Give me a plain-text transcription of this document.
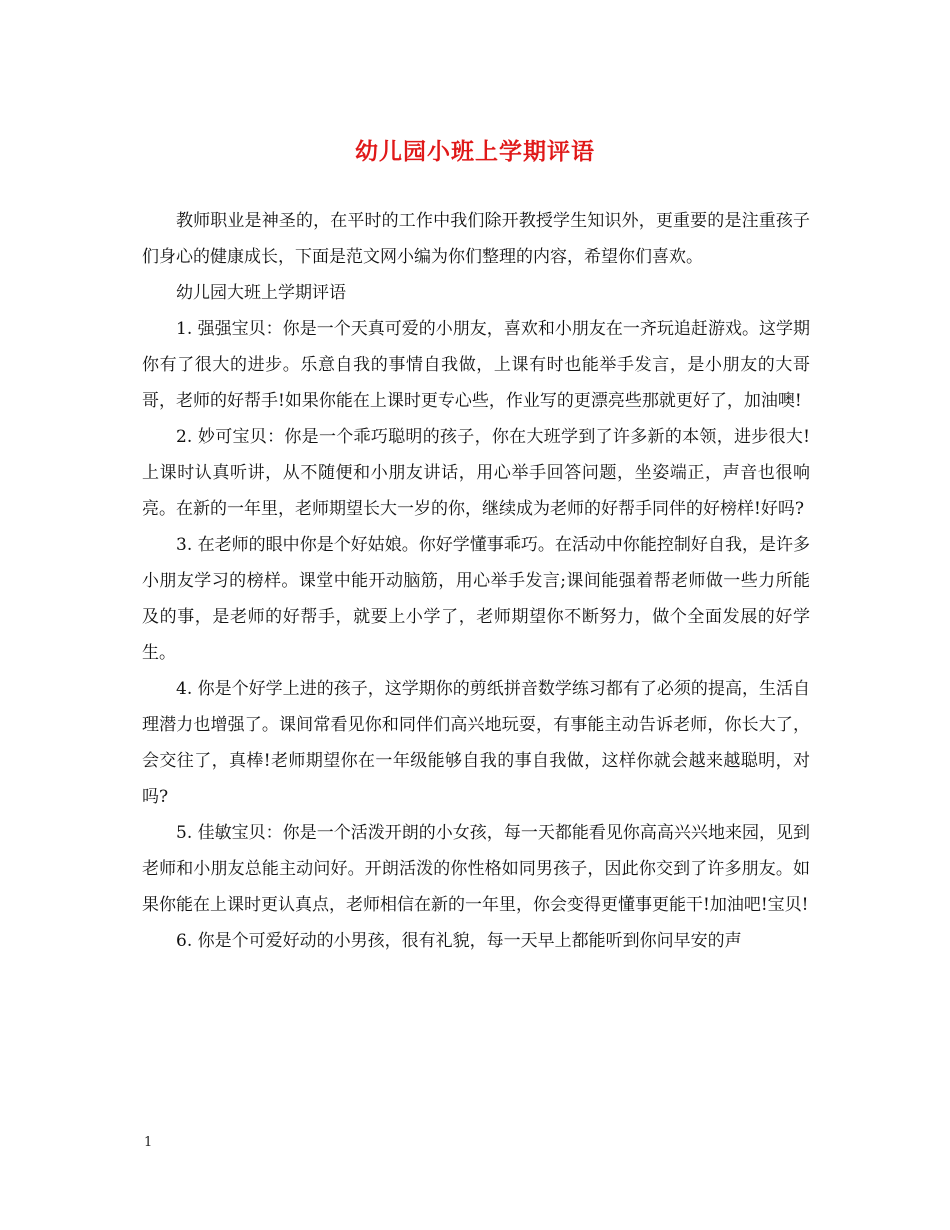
幼儿园小班上学期评语

教师职业是神圣的，在平时的工作中我们除开教授学生知识外，更重要的是注重孩子们身心的健康成长，下面是范文网小编为你们整理的内容，希望你们喜欢。

幼儿园大班上学期评语

1. 强强宝贝：你是一个天真可爱的小朋友，喜欢和小朋友在一齐玩追赶游戏。这学期你有了很大的进步。乐意自我的事情自我做，上课有时也能举手发言，是小朋友的大哥哥，老师的好帮手!如果你能在上课时更专心些，作业写的更漂亮些那就更好了，加油噢!

2. 妙可宝贝：你是一个乖巧聪明的孩子，你在大班学到了许多新的本领，进步很大!上课时认真听讲，从不随便和小朋友讲话，用心举手回答问题，坐姿端正，声音也很响亮。在新的一年里，老师期望长大一岁的你，继续成为老师的好帮手同伴的好榜样!好吗?

3. 在老师的眼中你是个好姑娘。你好学懂事乖巧。在活动中你能控制好自我，是许多小朋友学习的榜样。课堂中能开动脑筋，用心举手发言;课间能强着帮老师做一些力所能及的事，是老师的好帮手，就要上小学了，老师期望你不断努力，做个全面发展的好学生。

4. 你是个好学上进的孩子，这学期你的剪纸拼音数学练习都有了必须的提高，生活自理潜力也增强了。课间常看见你和同伴们高兴地玩耍，有事能主动告诉老师，你长大了，会交往了，真棒!老师期望你在一年级能够自我的事自我做，这样你就会越来越聪明，对吗?

5. 佳敏宝贝：你是一个活泼开朗的小女孩，每一天都能看见你高高兴兴地来园，见到老师和小朋友总能主动问好。开朗活泼的你性格如同男孩子，因此你交到了许多朋友。如果你能在上课时更认真点，老师相信在新的一年里，你会变得更懂事更能干!加油吧!宝贝!

6. 你是个可爱好动的小男孩，很有礼貌，每一天早上都能听到你问早安的声

1
